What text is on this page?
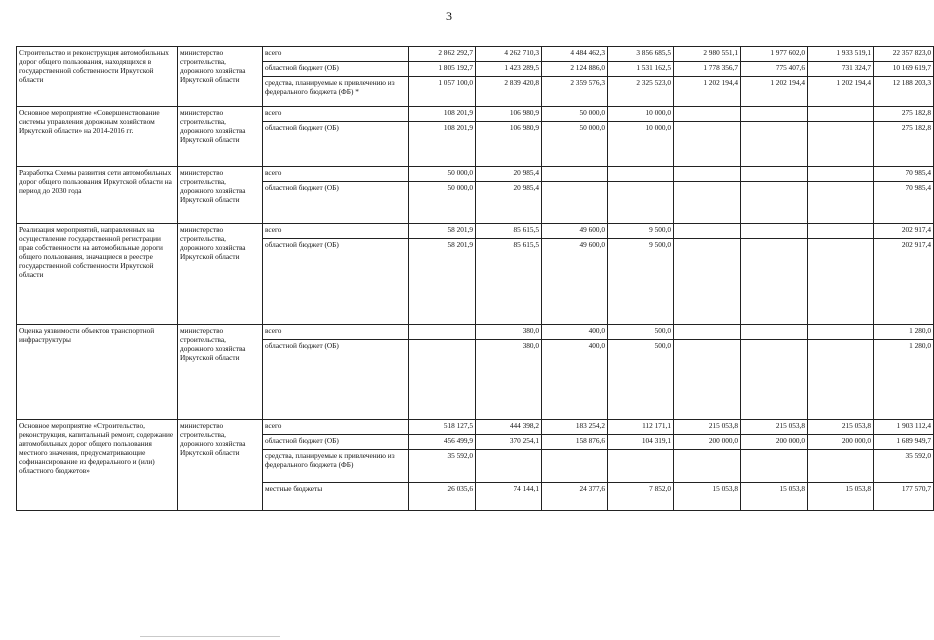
3
Строительство и реконструкция автомобильных дорог общего пользования, находящихся в государственной собственности Иркутской области	министерство строительства, дорожного хозяйства Иркутской области	всего	2 862 292,7	4 262 710,3	4 484 462,3	3 856 685,5	2 980 551,1	1 977 602,0	1 933 519,1	22 357 823,0
		областной бюджет (ОБ)	1 805 192,7	1 423 289,5	2 124 886,0	1 531 162,5	1 778 356,7	775 407,6	731 324,7	10 169 619,7
		средства, планируемые к привлечению из федерального бюджета (ФБ) *	1 057 100,0	2 839 420,8	2 359 576,3	2 325 523,0	1 202 194,4	1 202 194,4	1 202 194,4	12 188 203,3
Основное мероприятие «Совершенствование системы управления дорожным хозяйством Иркутской области» на 2014-2016 гг.	министерство строительства, дорожного хозяйства Иркутской области	всего	108 201,9	106 980,9	50 000,0	10 000,0				275 182,8
		областной бюджет (ОБ)	108 201,9	106 980,9	50 000,0	10 000,0				275 182,8
Разработка Схемы развития сети автомобильных дорог общего пользования Иркутской области на период до 2030 года	министерство строительства, дорожного хозяйства Иркутской области	всего	50 000,0	20 985,4						70 985,4
		областной бюджет (ОБ)	50 000,0	20 985,4						70 985,4
Реализация мероприятий, направленных на осуществление государственной регистрации прав собственности на автомобильные дороги общего пользования, значащиеся в реестре государственной собственности Иркутской области	министерство строительства, дорожного хозяйства Иркутской области	всего	58 201,9	85 615,5	49 600,0	9 500,0				202 917,4
		областной бюджет (ОБ)	58 201,9	85 615,5	49 600,0	9 500,0				202 917,4
Оценка уязвимости объектов транспортной инфраструктуры	министерство строительства, дорожного хозяйства Иркутской области	всего		380,0	400,0	500,0				1 280,0
		областной бюджет (ОБ)		380,0	400,0	500,0				1 280,0
Основное мероприятие «Строительство, реконструкция, капитальный ремонт, содержание автомобильных дорог общего пользования местного значения, предусматривающие софинансирование из федерального и (или) областного бюджетов»	министерство строительства, дорожного хозяйства Иркутской области	всего	518 127,5	444 398,2	183 254,2	112 171,1	215 053,8	215 053,8	215 053,8	1 903 112,4
		областной бюджет (ОБ)	456 499,9	370 254,1	158 876,6	104 319,1	200 000,0	200 000,0	200 000,0	1 689 949,7
		средства, планируемые к привлечению из федерального бюджета (ФБ)	35 592,0							35 592,0
		местные бюджеты	26 035,6	74 144,1	24 377,6	7 852,0	15 053,8	15 053,8	15 053,8	177 570,7
